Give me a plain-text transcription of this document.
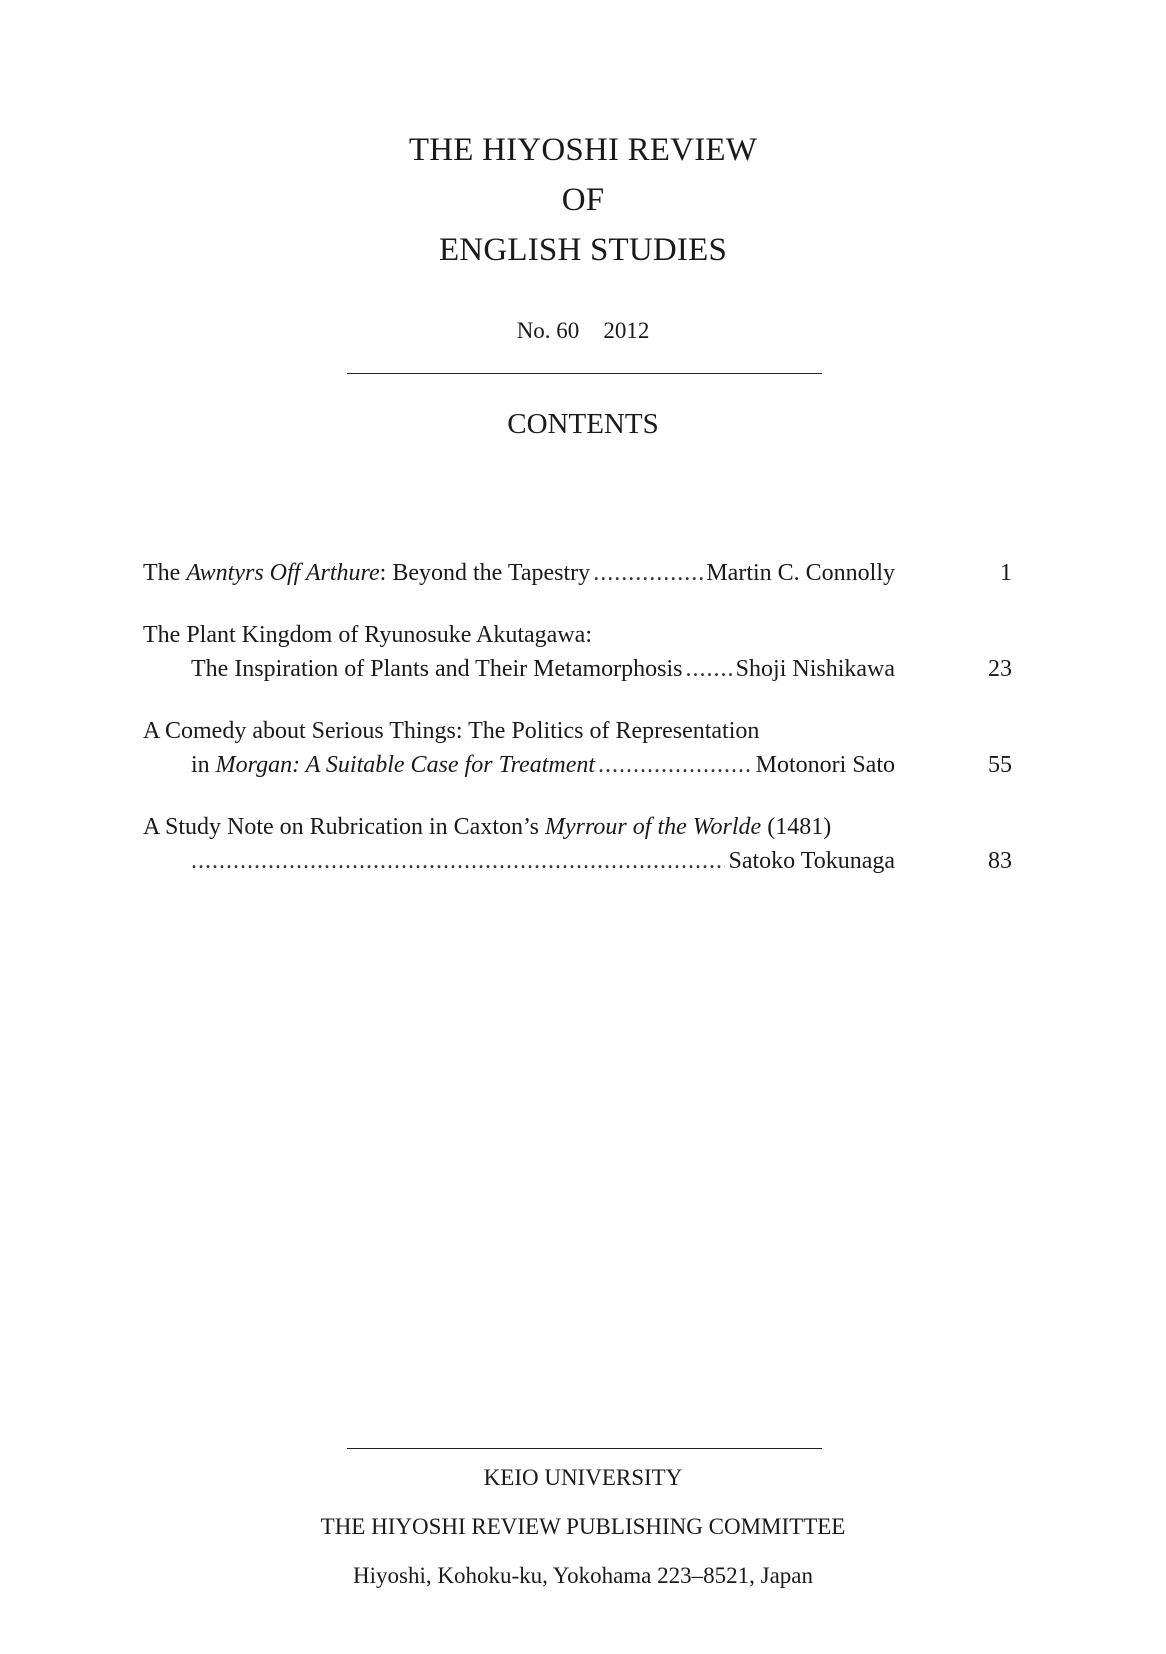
THE HIYOSHI REVIEW
OF
ENGLISH STUDIES
No. 60 2012
CONTENTS
The Awntyrs Off Arthure: Beyond the Tapestry .....	Martin C. Connolly	1
The Plant Kingdom of Ryunosuke Akutagawa:
The Inspiration of Plants and Their Metamorphosis ..... Shoji Nishikawa	23
A Comedy about Serious Things: The Politics of Representation
in Morgan: A Suitable Case for Treatment .....	Motonori Sato	55
A Study Note on Rubrication in Caxton’s Myrrour of the Worlde (1481)
.....
Satoko Tokunaga	83
KEIO UNIVERSITY
THE HIYOSHI REVIEW PUBLISHING COMMITTEE
Hiyoshi, Kohoku-ku, Yokohama 223–8521, Japan
